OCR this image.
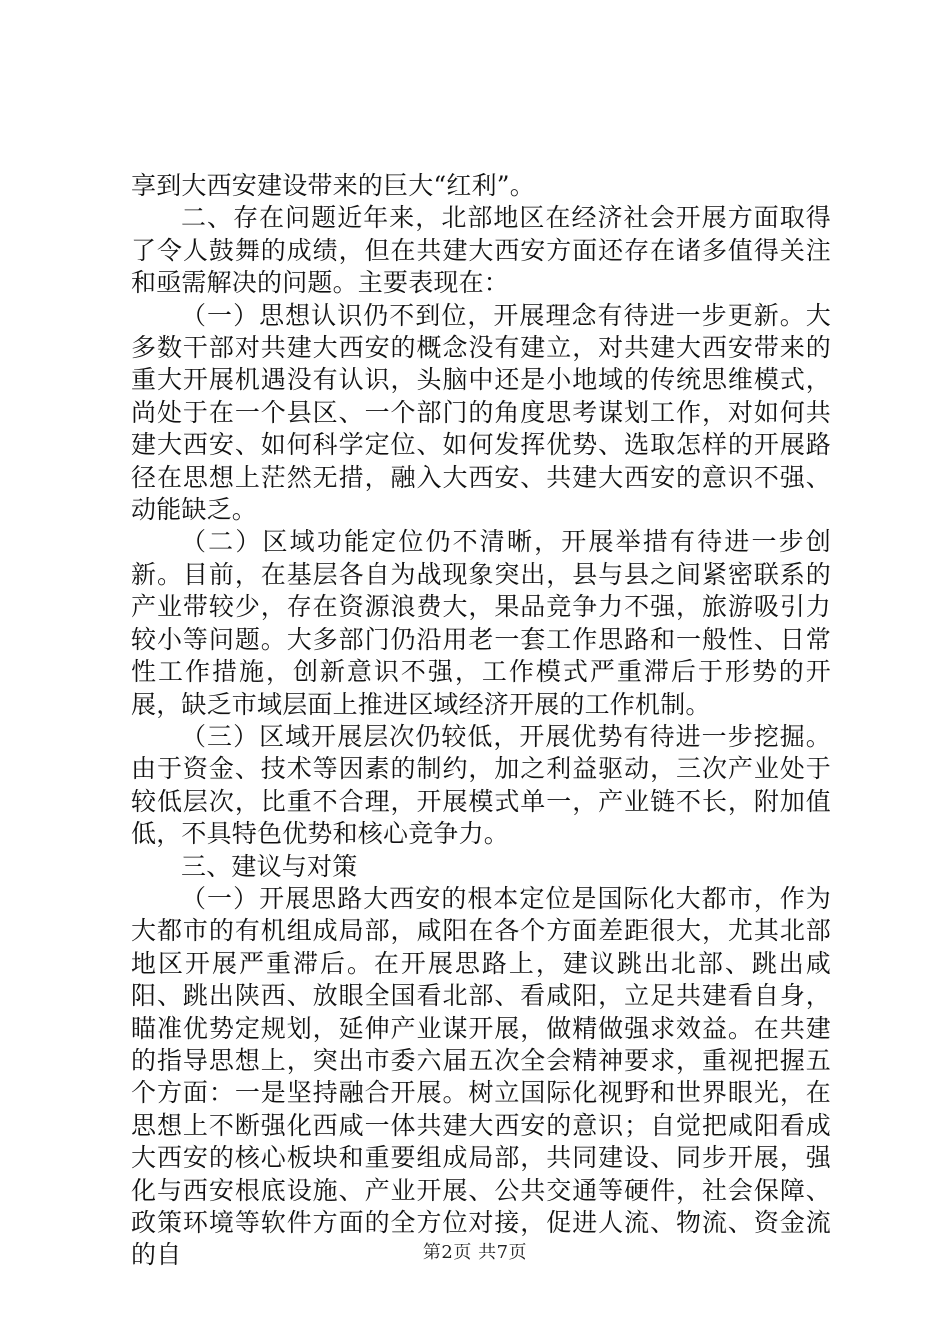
享到大西安建设带来的巨大“红利”。

二、存在问题近年来，北部地区在经济社会开展方面取得了令人鼓舞的成绩，但在共建大西安方面还存在诸多值得关注和亟需解决的问题。主要表现在：

（一）思想认识仍不到位，开展理念有待进一步更新。大多数干部对共建大西安的概念没有建立，对共建大西安带来的重大开展机遇没有认识，头脑中还是小地域的传统思维模式，尚处于在一个县区、一个部门的角度思考谋划工作，对如何共建大西安、如何科学定位、如何发挥优势、选取怎样的开展路径在思想上茫然无措，融入大西安、共建大西安的意识不强、动能缺乏。

（二）区域功能定位仍不清晰，开展举措有待进一步创新。目前，在基层各自为战现象突出，县与县之间紧密联系的产业带较少，存在资源浪费大，果品竞争力不强，旅游吸引力较小等问题。大多部门仍沿用老一套工作思路和一般性、日常性工作措施，创新意识不强，工作模式严重滞后于形势的开展，缺乏市域层面上推进区域经济开展的工作机制。

（三）区域开展层次仍较低，开展优势有待进一步挖掘。由于资金、技术等因素的制约，加之利益驱动，三次产业处于较低层次，比重不合理，开展模式单一，产业链不长，附加值低，不具特色优势和核心竞争力。

三、建议与对策

（一）开展思路大西安的根本定位是国际化大都市，作为大都市的有机组成局部，咸阳在各个方面差距很大，尤其北部地区开展严重滞后。在开展思路上，建议跳出北部、跳出咸阳、跳出陕西、放眼全国看北部、看咸阳，立足共建看自身，瞄准优势定规划，延伸产业谋开展，做精做强求效益。在共建的指导思想上，突出市委六届五次全会精神要求，重视把握五个方面：一是坚持融合开展。树立国际化视野和世界眼光，在思想上不断强化西咸一体共建大西安的意识；自觉把咸阳看成大西安的核心板块和重要组成局部，共同建设、同步开展，强化与西安根底设施、产业开展、公共交通等硬件，社会保障、政策环境等软件方面的全方位对接，促进人流、物流、资金流的自	第2页 共7页
